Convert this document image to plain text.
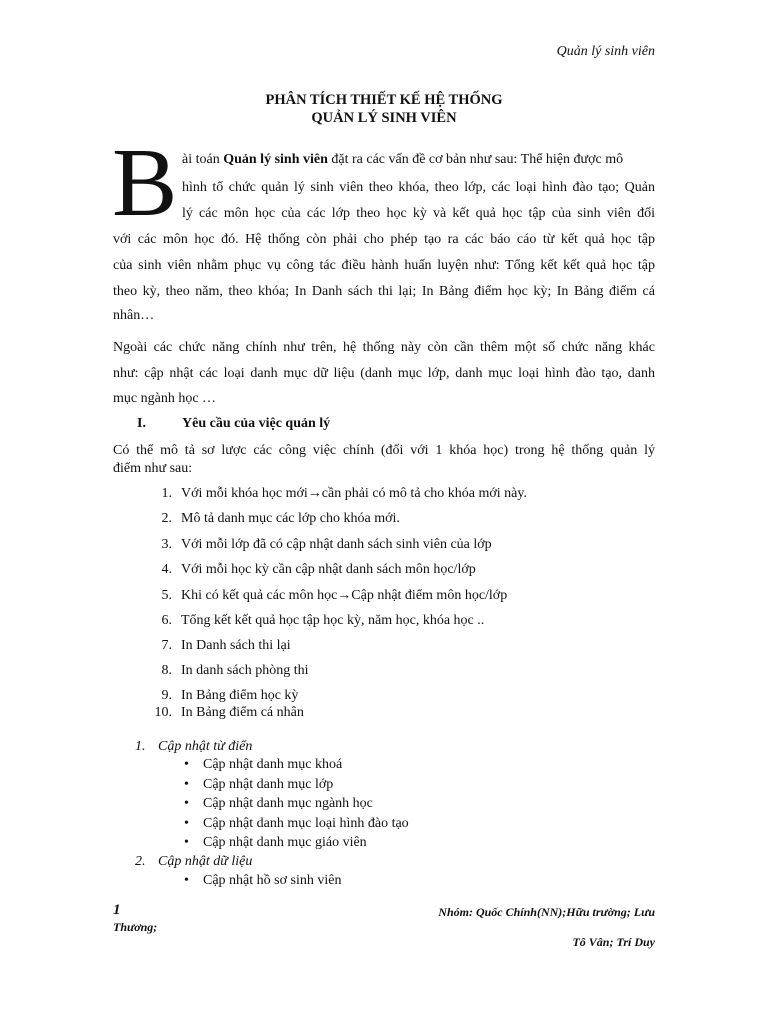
Quản lý sinh viên
PHÂN TÍCH THIẾT KẾ HỆ THỐNG
QUẢN LÝ SINH VIÊN
B ài toán Quản lý sinh viên đặt ra các vấn đề cơ bản như sau: Thể hiện được mô
hình tổ chức quản lý sinh viên theo khóa, theo lớp, các loại hình đào tạo; Quản
lý các môn học của các lớp theo học kỳ và kết quả học tập của sinh viên đối
với các môn học đó. Hệ thống còn phải cho phép tạo ra các báo cáo từ kết quả học tập
của sinh viên nhằm phục vụ công tác điều hành huấn luyện như: Tổng kết kết quả học tập
theo kỳ, theo năm, theo khóa; In Danh sách thi lại; In Bảng điểm học kỳ; In Bảng điểm cá
nhân…
Ngoài các chức năng chính như trên, hệ thống này còn cần thêm một số chức năng khác
như: cập nhật các loại danh mục dữ liệu (danh mục lớp, danh mục loại hình đào tạo, danh
mục ngành học …
I.	Yêu cầu của việc quản lý
Có thể mô tả sơ lược các công việc chính (đối với 1 khóa học) trong hệ thống quản lý
điểm như sau:
1. Với mỗi khóa học mới→cần phải có mô tả cho khóa mới này.
2. Mô tả danh mục các lớp cho khóa mới.
3. Với mỗi lớp đã có cập nhật danh sách sinh viên của lớp
4. Với mỗi học kỳ cần cập nhật danh sách môn học/lớp
5. Khi có kết quả các môn học→Cập nhật điểm môn học/lớp
6. Tổng kết kết quả học tập học kỳ, năm học, khóa học ..
7. In Danh sách thi lại
8. In danh sách phòng thi
9. In Bảng điểm học kỳ
10. In Bảng điểm cá nhân
1. Cập nhật từ điển
• Cập nhật danh mục khoá
• Cập nhật danh mục lớp
• Cập nhật danh mục ngành học
• Cập nhật danh mục loại hình đào tạo
• Cập nhật danh mục giáo viên
2. Cập nhật dữ liệu
• Cập nhật hồ sơ sinh viên
1
Thương;
Nhóm: Quốc Chính(NN);Hữu trường; Lưu
Tô Vân; Trí Duy
